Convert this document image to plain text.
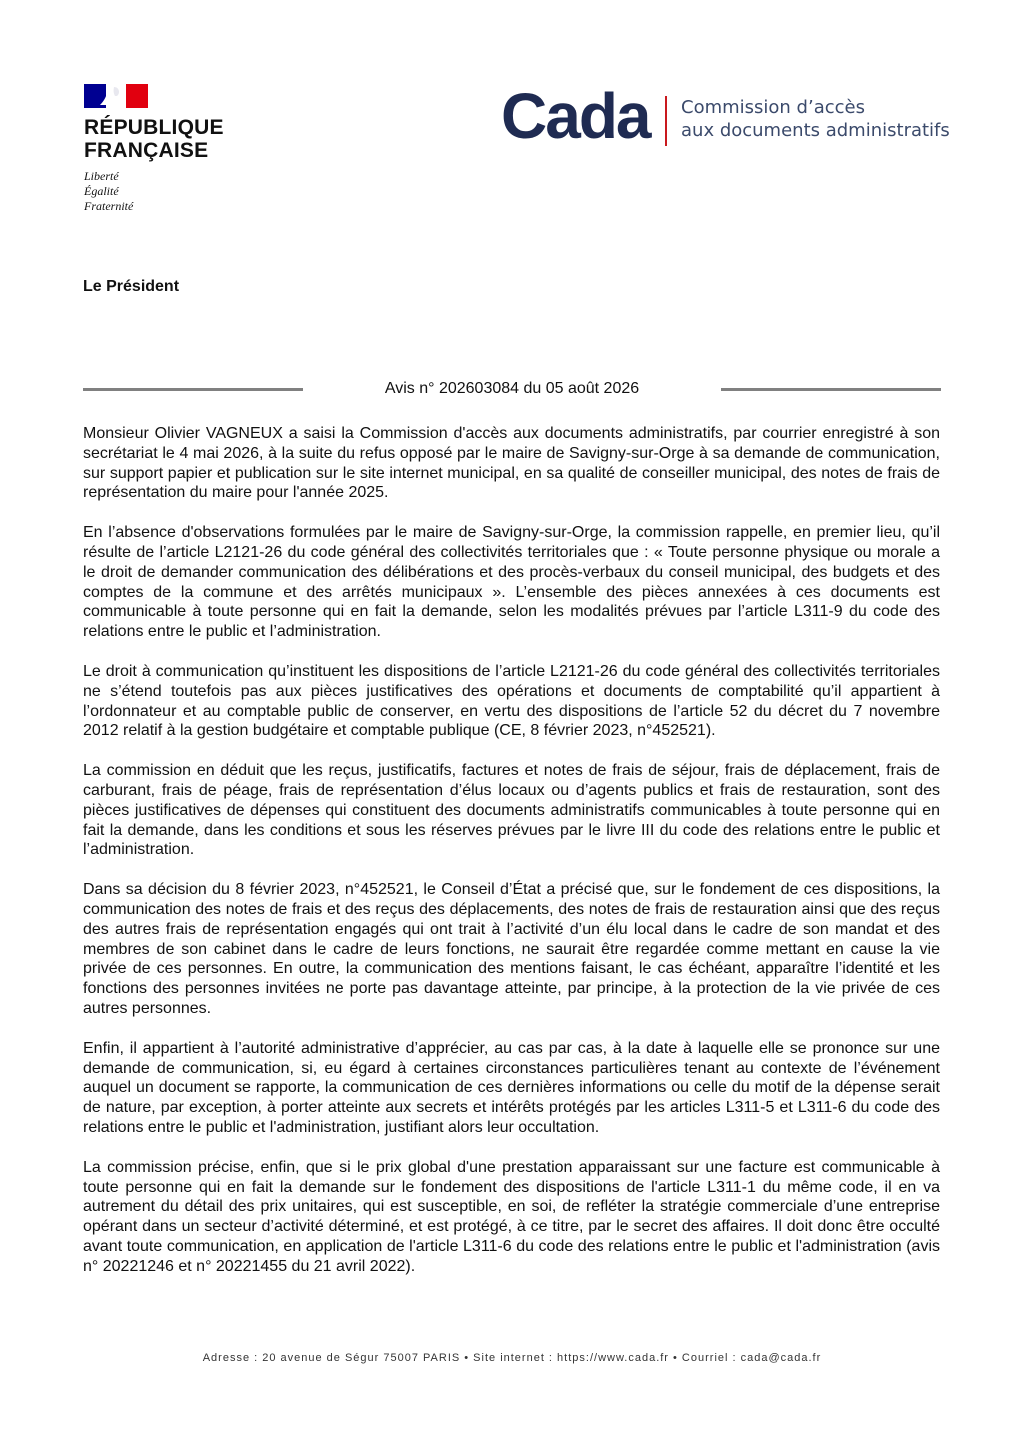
RÉPUBLIQUE
FRANÇAISE
Liberté
Égalité
Fraternité
Cada Commission d’accès
aux documents administratifs
Le Président
Avis n° 202603084 du 05 août 2026

Monsieur Olivier VAGNEUX a saisi la Commission d'accès aux documents administratifs, par courrier enregistré à son secrétariat le 4 mai 2026, à la suite du refus opposé par le maire de Savigny-sur-Orge à sa demande de communication, sur support papier et publication sur le site internet municipal, en sa qualité de conseiller municipal, des notes de frais de représentation du maire pour l'année 2025.

En l’absence d'observations formulées par le maire de Savigny-sur-Orge, la commission rappelle, en premier lieu, qu’il résulte de l’article L2121-26 du code général des collectivités territoriales que : « Toute personne physique ou morale a le droit de demander communication des délibérations et des procès-verbaux du conseil municipal, des budgets et des comptes de la commune et des arrêtés municipaux ». L’ensemble des pièces annexées à ces documents est communicable à toute personne qui en fait la demande, selon les modalités prévues par l’article L311-9 du code des relations entre le public et l’administration.

Le droit à communication qu’instituent les dispositions de l’article L2121-26 du code général des collectivités territoriales ne s’étend toutefois pas aux pièces justificatives des opérations et documents de comptabilité qu’il appartient à l’ordonnateur et au comptable public de conserver, en vertu des dispositions de l’article 52 du décret du 7 novembre 2012 relatif à la gestion budgétaire et comptable publique (CE, 8 février 2023, n°452521).

La commission en déduit que les reçus, justificatifs, factures et notes de frais de séjour, frais de déplacement, frais de carburant, frais de péage, frais de représentation d’élus locaux ou d’agents publics et frais de restauration, sont des pièces justificatives de dépenses qui constituent des documents administratifs communicables à toute personne qui en fait la demande, dans les conditions et sous les réserves prévues par le livre III du code des relations entre le public et l’administration.

Dans sa décision du 8 février 2023, n°452521, le Conseil d’État a précisé que, sur le fondement de ces dispositions, la communication des notes de frais et des reçus des déplacements, des notes de frais de restauration ainsi que des reçus des autres frais de représentation engagés qui ont trait à l’activité d’un élu local dans le cadre de son mandat et des membres de son cabinet dans le cadre de leurs fonctions, ne saurait être regardée comme mettant en cause la vie privée de ces personnes. En outre, la communication des mentions faisant, le cas échéant, apparaître l’identité et les fonctions des personnes invitées ne porte pas davantage atteinte, par principe, à la protection de la vie privée de ces autres personnes.

Enfin, il appartient à l’autorité administrative d’apprécier, au cas par cas, à la date à laquelle elle se prononce sur une demande de communication, si, eu égard à certaines circonstances particulières tenant au contexte de l’événement auquel un document se rapporte, la communication de ces dernières informations ou celle du motif de la dépense serait de nature, par exception, à porter atteinte aux secrets et intérêts protégés par les articles L311-5 et L311-6 du code des relations entre le public et l'administration, justifiant alors leur occultation.

La commission précise, enfin, que si le prix global d'une prestation apparaissant sur une facture est communicable à toute personne qui en fait la demande sur le fondement des dispositions de l'article L311-1 du même code, il en va autrement du détail des prix unitaires, qui est susceptible, en soi, de refléter la stratégie commerciale d’une entreprise opérant dans un secteur d’activité déterminé, et est protégé, à ce titre, par le secret des affaires. Il doit donc être occulté avant toute communication, en application de l'article L311-6 du code des relations entre le public et l'administration (avis n° 20221246 et n° 20221455 du 21 avril 2022).

Adresse : 20 avenue de Ségur 75007 PARIS • Site internet : https://www.cada.fr • Courriel : cada@cada.fr
